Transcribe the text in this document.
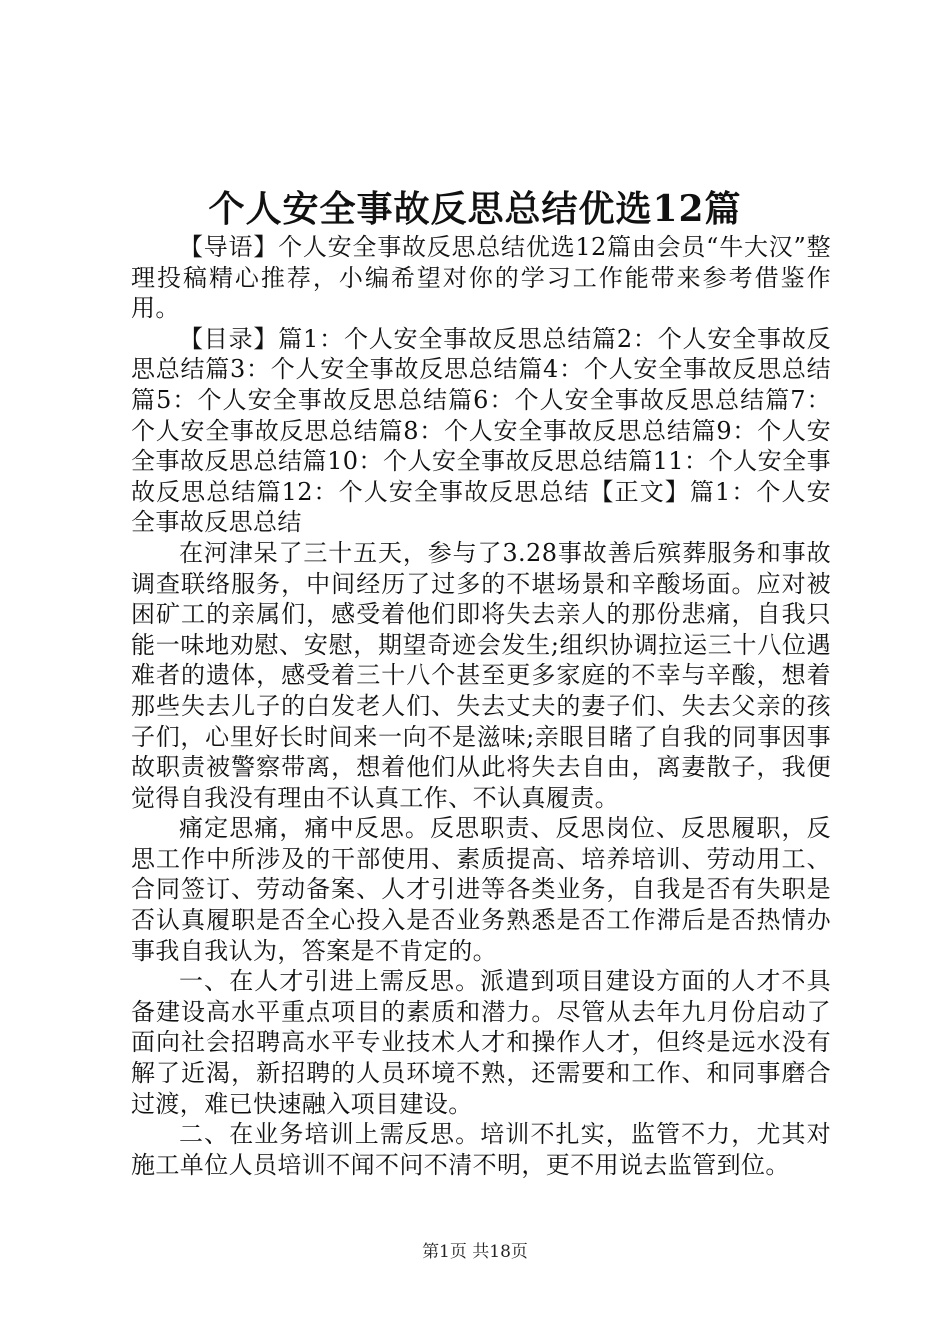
个人安全事故反思总结优选12篇

【导语】个人安全事故反思总结优选12篇由会员“牛大汉”整理投稿精心推荐，小编希望对你的学习工作能带来参考借鉴作用。

【目录】篇1：个人安全事故反思总结篇2：个人安全事故反思总结篇3：个人安全事故反思总结篇4：个人安全事故反思总结篇5：个人安全事故反思总结篇6：个人安全事故反思总结篇7：个人安全事故反思总结篇8：个人安全事故反思总结篇9：个人安全事故反思总结篇10：个人安全事故反思总结篇11：个人安全事故反思总结篇12：个人安全事故反思总结【正文】篇1：个人安全事故反思总结

在河津呆了三十五天，参与了3.28事故善后殡葬服务和事故调查联络服务，中间经历了过多的不堪场景和辛酸场面。应对被困矿工的亲属们，感受着他们即将失去亲人的那份悲痛，自我只能一味地劝慰、安慰，期望奇迹会发生;组织协调拉运三十八位遇难者的遗体，感受着三十八个甚至更多家庭的不幸与辛酸，想着那些失去儿子的白发老人们、失去丈夫的妻子们、失去父亲的孩子们，心里好长时间来一向不是滋味;亲眼目睹了自我的同事因事故职责被警察带离，想着他们从此将失去自由，离妻散子，我便觉得自我没有理由不认真工作、不认真履责。

痛定思痛，痛中反思。反思职责、反思岗位、反思履职，反思工作中所涉及的干部使用、素质提高、培养培训、劳动用工、合同签订、劳动备案、人才引进等各类业务，自我是否有失职是否认真履职是否全心投入是否业务熟悉是否工作滞后是否热情办事我自我认为，答案是不肯定的。

一、在人才引进上需反思。派遣到项目建设方面的人才不具备建设高水平重点项目的素质和潜力。尽管从去年九月份启动了面向社会招聘高水平专业技术人才和操作人才，但终是远水没有解了近渴，新招聘的人员环境不熟，还需要和工作、和同事磨合过渡，难已快速融入项目建设。

二、在业务培训上需反思。培训不扎实，监管不力，尤其对施工单位人员培训不闻不问不清不明，更不用说去监管到位。

第1页 共18页
